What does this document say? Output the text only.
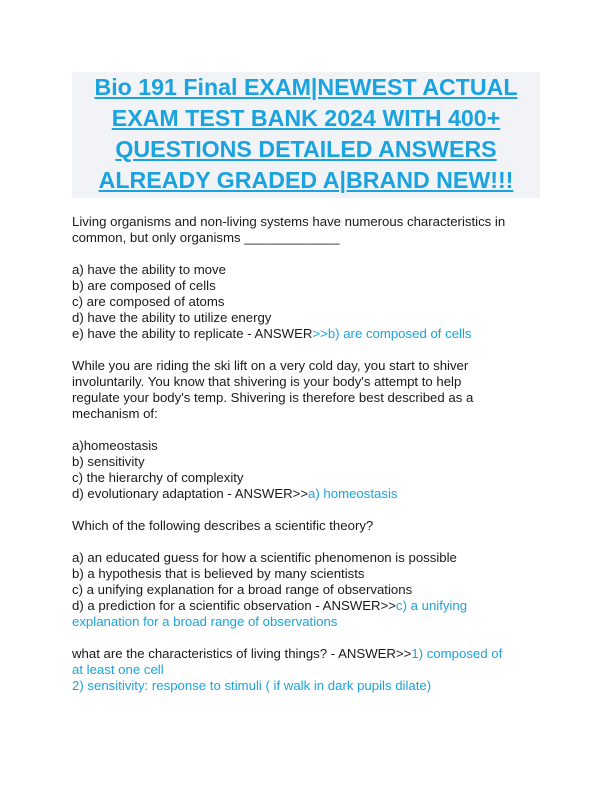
Bio 191 Final EXAM|NEWEST ACTUAL
EXAM TEST BANK 2024 WITH 400+
QUESTIONS DETAILED ANSWERS
ALREADY GRADED A|BRAND NEW!!!
Living organisms and non-living systems have numerous characteristics in
common, but only organisms _____________
a) have the ability to move
b) are composed of cells
c) are composed of atoms
d) have the ability to utilize energy
e) have the ability to replicate - ANSWER>>b) are composed of cells
While you are riding the ski lift on a very cold day, you start to shiver
involuntarily. You know that shivering is your body's attempt to help
regulate your body's temp. Shivering is therefore best described as a
mechanism of:
a)homeostasis
b) sensitivity
c) the hierarchy of complexity
d) evolutionary adaptation - ANSWER>>a) homeostasis
Which of the following describes a scientific theory?
a) an educated guess for how a scientific phenomenon is possible
b) a hypothesis that is believed by many scientists
c) a unifying explanation for a broad range of observations
d) a prediction for a scientific observation - ANSWER>>c) a unifying
explanation for a broad range of observations
what are the characteristics of living things? - ANSWER>>1) composed of
at least one cell
2) sensitivity: response to stimuli ( if walk in dark pupils dilate)
